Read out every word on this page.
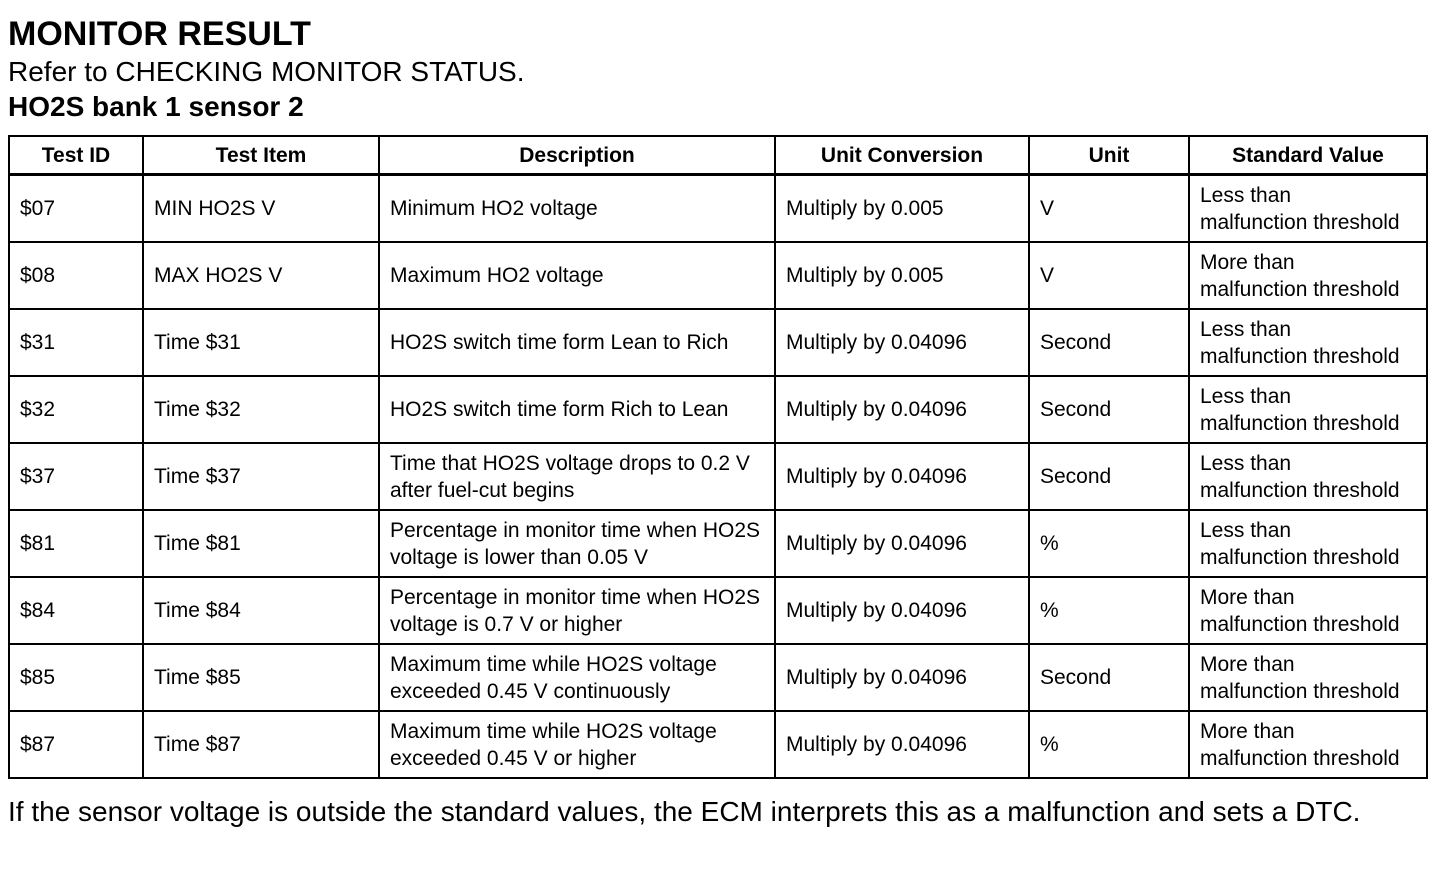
MONITOR RESULT

Refer to CHECKING MONITOR STATUS.

HO2S bank 1 sensor 2
Test ID	Test Item	Description	Unit Conversion	Unit	Standard Value
$07	MIN HO2S V	Minimum HO2 voltage	Multiply by 0.005	V	Less than
malfunction threshold
$08	MAX HO2S V	Maximum HO2 voltage	Multiply by 0.005	V	More than
malfunction threshold
$31	Time $31	HO2S switch time form Lean to Rich	Multiply by 0.04096	Second	Less than
malfunction threshold
$32	Time $32	HO2S switch time form Rich to Lean	Multiply by 0.04096	Second	Less than
malfunction threshold
$37	Time $37	Time that HO2S voltage drops to 0.2 V after fuel-cut begins	Multiply by 0.04096	Second	Less than
malfunction threshold
$81	Time $81	Percentage in monitor time when HO2S voltage is lower than 0.05 V	Multiply by 0.04096	%	Less than
malfunction threshold
$84	Time $84	Percentage in monitor time when HO2S voltage is 0.7 V or higher	Multiply by 0.04096	%	More than
malfunction threshold
$85	Time $85	Maximum time while HO2S voltage exceeded 0.45 V continuously	Multiply by 0.04096	Second	More than
malfunction threshold
$87	Time $87	Maximum time while HO2S voltage exceeded 0.45 V or higher	Multiply by 0.04096	%	More than
malfunction threshold

If the sensor voltage is outside the standard values, the ECM interprets this as a malfunction and sets a DTC.
